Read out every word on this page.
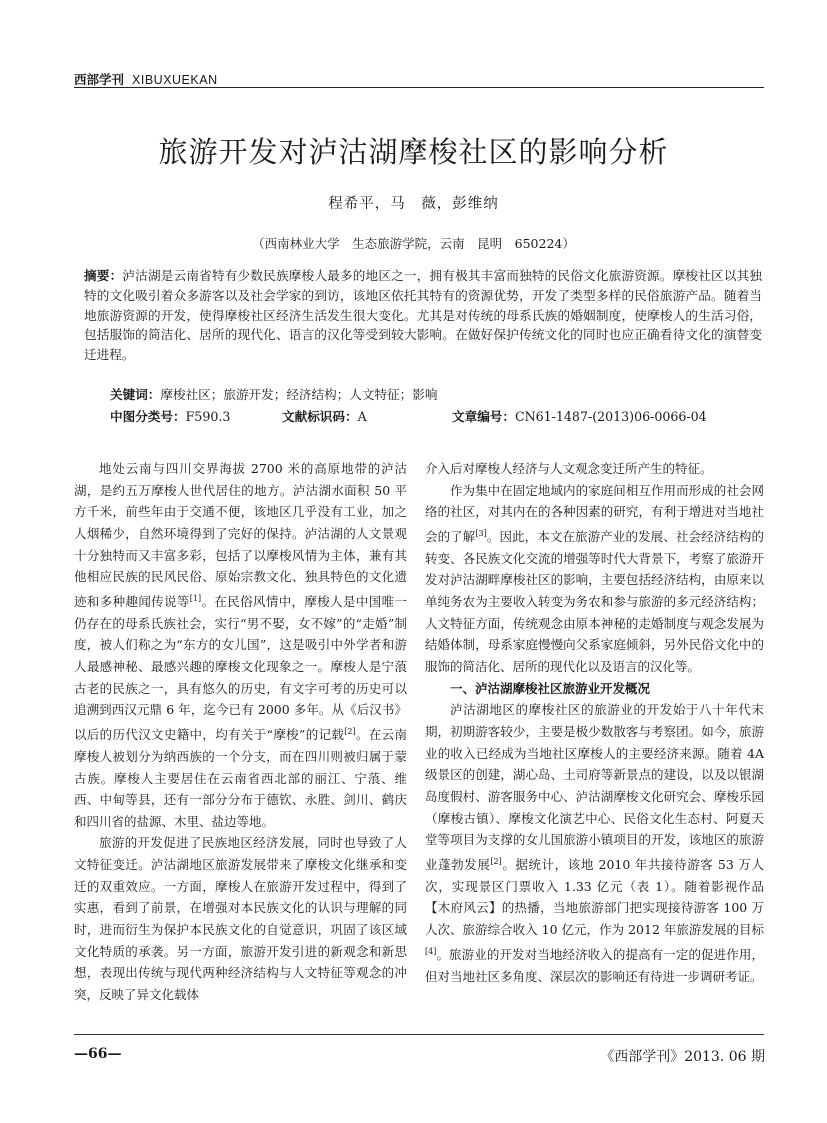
西部学刊 XIBUXUEKAN
旅游开发对泸沽湖摩梭社区的影响分析
程希平，马　薇，彭维纳
（西南林业大学　生态旅游学院，云南　昆明　650224）
摘要：泸沽湖是云南省特有少数民族摩梭人最多的地区之一，拥有极其丰富而独特的民俗文化旅游资源。摩梭社区以其独特的文化吸引着众多游客以及社会学家的到访，该地区依托其特有的资源优势，开发了类型多样的民俗旅游产品。随着当地旅游资源的开发，使得摩梭社区经济生活发生很大变化。尤其是对传统的母系氏族的婚姻制度，使摩梭人的生活习俗，包括服饰的简洁化、居所的现代化、语言的汉化等受到较大影响。在做好保护传统文化的同时也应正确看待文化的演替变迁进程。
关键词：摩梭社区；旅游开发；经济结构；人文特征；影响
中图分类号：F590.3	文献标识码：A	文章编号：CN61-1487-(2013)06-0066-04

地处云南与四川交界海拔 2700 米的高原地带的泸沽湖，是约五万摩梭人世代居住的地方。泸沽湖水面积 50 平方千米，前些年由于交通不便，该地区几乎没有工业，加之人烟稀少，自然环境得到了完好的保持。泸沽湖的人文景观十分独特而又丰富多彩，包括了以摩梭风情为主体，兼有其他相应民族的民风民俗、原始宗教文化、独具特色的文化遗迹和多种趣闻传说等[1]。在民俗风情中，摩梭人是中国唯一仍存在的母系氏族社会，实行“男不娶，女不嫁”的“走婚”制度，被人们称之为“东方的女儿国”，这是吸引中外学者和游人最感神秘、最感兴趣的摩梭文化现象之一。摩梭人是宁蒗古老的民族之一，具有悠久的历史，有文字可考的历史可以追溯到西汉元鼎 6 年，迄今已有 2000 多年。从《后汉书》以后的历代汉文史籍中，均有关于“摩梭”的记载[2]。在云南摩梭人被划分为纳西族的一个分支，而在四川则被归属于蒙古族。摩梭人主要居住在云南省西北部的丽江、宁蒗、维西、中甸等县，还有一部分分布于德钦、永胜、剑川、鹤庆和四川省的盐源、木里、盐边等地。

旅游的开发促进了民族地区经济发展，同时也导致了人文特征变迁。泸沽湖地区旅游发展带来了摩梭文化继承和变迁的双重效应。一方面，摩梭人在旅游开发过程中，得到了实惠，看到了前景，在增强对本民族文化的认识与理解的同时，进而衍生为保护本民族文化的自觉意识，巩固了该区域文化特质的承袭。另一方面，旅游开发引进的新观念和新思想，表现出传统与现代两种经济结构与人文特征等观念的冲突，反映了异文化载体

介入后对摩梭人经济与人文观念变迁所产生的特征。

作为集中在固定地域内的家庭间相互作用而形成的社会网络的社区，对其内在的各种因素的研究，有利于增进对当地社会的了解[3]。因此，本文在旅游产业的发展、社会经济结构的转变、各民族文化交流的增强等时代大背景下，考察了旅游开发对泸沽湖畔摩梭社区的影响，主要包括经济结构，由原来以单纯务农为主要收入转变为务农和参与旅游的多元经济结构；人文特征方面，传统观念由原本神秘的走婚制度与观念发展为结婚体制，母系家庭慢慢向父系家庭倾斜，另外民俗文化中的服饰的简洁化、居所的现代化以及语言的汉化等。

一、泸沽湖摩梭社区旅游业开发概况

泸沽湖地区的摩梭社区的旅游业的开发始于八十年代末期，初期游客较少，主要是极少数散客与考察团。如今，旅游业的收入已经成为当地社区摩梭人的主要经济来源。随着 4A 级景区的创建，湖心岛、土司府等新景点的建设，以及以银湖岛度假村、游客服务中心、泸沽湖摩梭文化研究会、摩梭乐园（摩梭古镇）、摩梭文化演艺中心、民俗文化生态村、阿夏天堂等项目为支撑的女儿国旅游小镇项目的开发，该地区的旅游业蓬勃发展[2]。据统计，该地 2010 年共接待游客 53 万人次，实现景区门票收入 1.33 亿元（表 1）。随着影视作品【木府风云】的热播，当地旅游部门把实现接待游客 100 万人次、旅游综合收入 10 亿元，作为 2012 年旅游发展的目标[4]。旅游业的开发对当地经济收入的提高有一定的促进作用，但对当地社区多角度、深层次的影响还有待进一步调研考证。

—66—	《西部学刊》2013. 06 期
